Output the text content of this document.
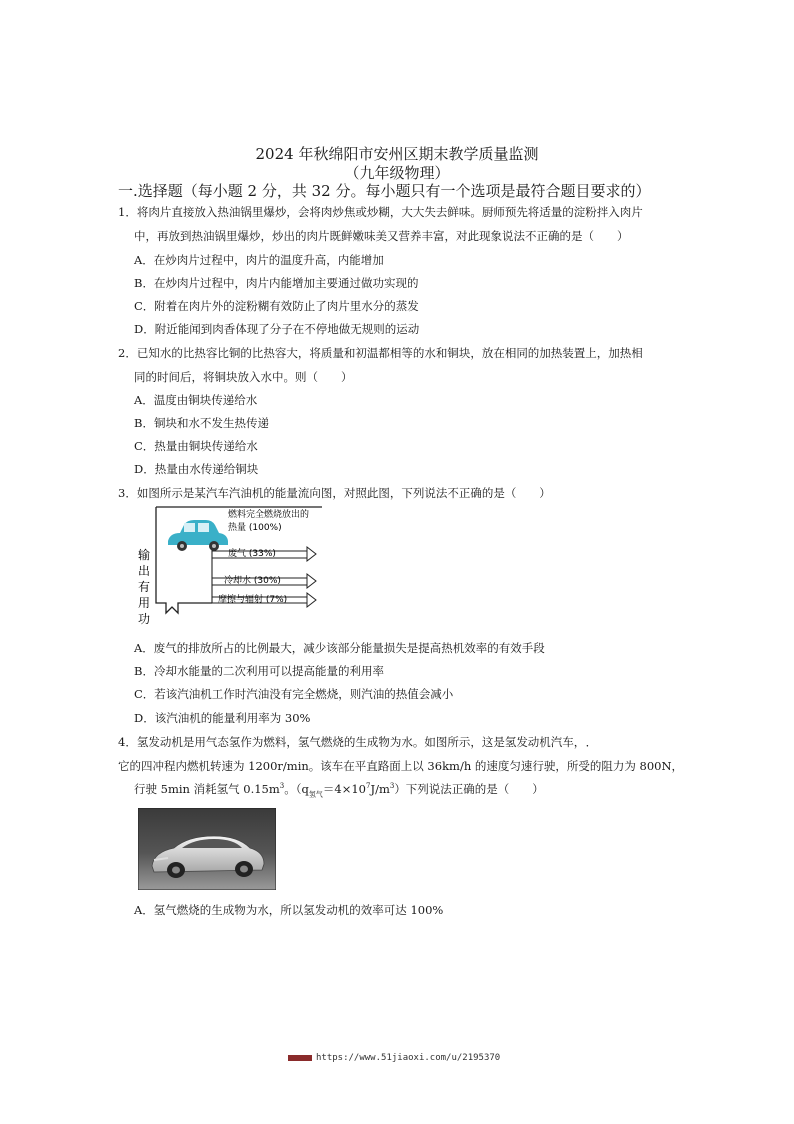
2024 年秋绵阳市安州区期末教学质量监测
（九年级物理）
一.选择题（每小题 2 分，共 32 分。每小题只有一个选项是最符合题目要求的）
1．将肉片直接放入热油锅里爆炒，会将肉炒焦或炒糊，大大失去鲜味。厨师预先将适量的淀粉拌入肉片
中，再放到热油锅里爆炒，炒出的肉片既鲜嫩味美又营养丰富，对此现象说法不正确的是（　　）
A．在炒肉片过程中，肉片的温度升高，内能增加
B．在炒肉片过程中，肉片内能增加主要通过做功实现的
C．附着在肉片外的淀粉糊有效防止了肉片里水分的蒸发
D．附近能闻到肉香体现了分子在不停地做无规则的运动
2．已知水的比热容比铜的比热容大，将质量和初温都相等的水和铜块，放在相同的加热装置上，加热相
同的时间后，将铜块放入水中。则（　　）
A．温度由铜块传递给水
B．铜块和水不发生热传递
C．热量由铜块传递给水
D．热量由水传递给铜块
3．如图所示是某汽车汽油机的能量流向图，对照此图，下列说法不正确的是（　　）
燃料完全燃烧放出的
热量 (100%)
废气 (33%)
冷却水 (30%)
摩擦与辐射 (7%)
输
出
有
用
功
A．废气的排放所占的比例最大，减少该部分能量损失是提高热机效率的有效手段
B．冷却水能量的二次利用可以提高能量的利用率
C．若该汽油机工作时汽油没有完全燃烧，则汽油的热值会减小
D．该汽油机的能量利用率为 30%
4．氢发动机是用气态氢作为燃料，氢气燃烧的生成物为水。如图所示，这是氢发动机汽车， ．
它的四冲程内燃机转速为 1200r/min。该车在平直路面上以 36km/h 的速度匀速行驶，所受的阻力为 800N，
行驶 5min 消耗氢气 $0.15m^3$。$(q_{氢气}=4\times 10^7J/m^3)$下列说法正确的是（　　）
A．氢气燃烧的生成物为水，所以氢发动机的效率可达 100%
https://www.51jiaoxi.com/u/2195370
